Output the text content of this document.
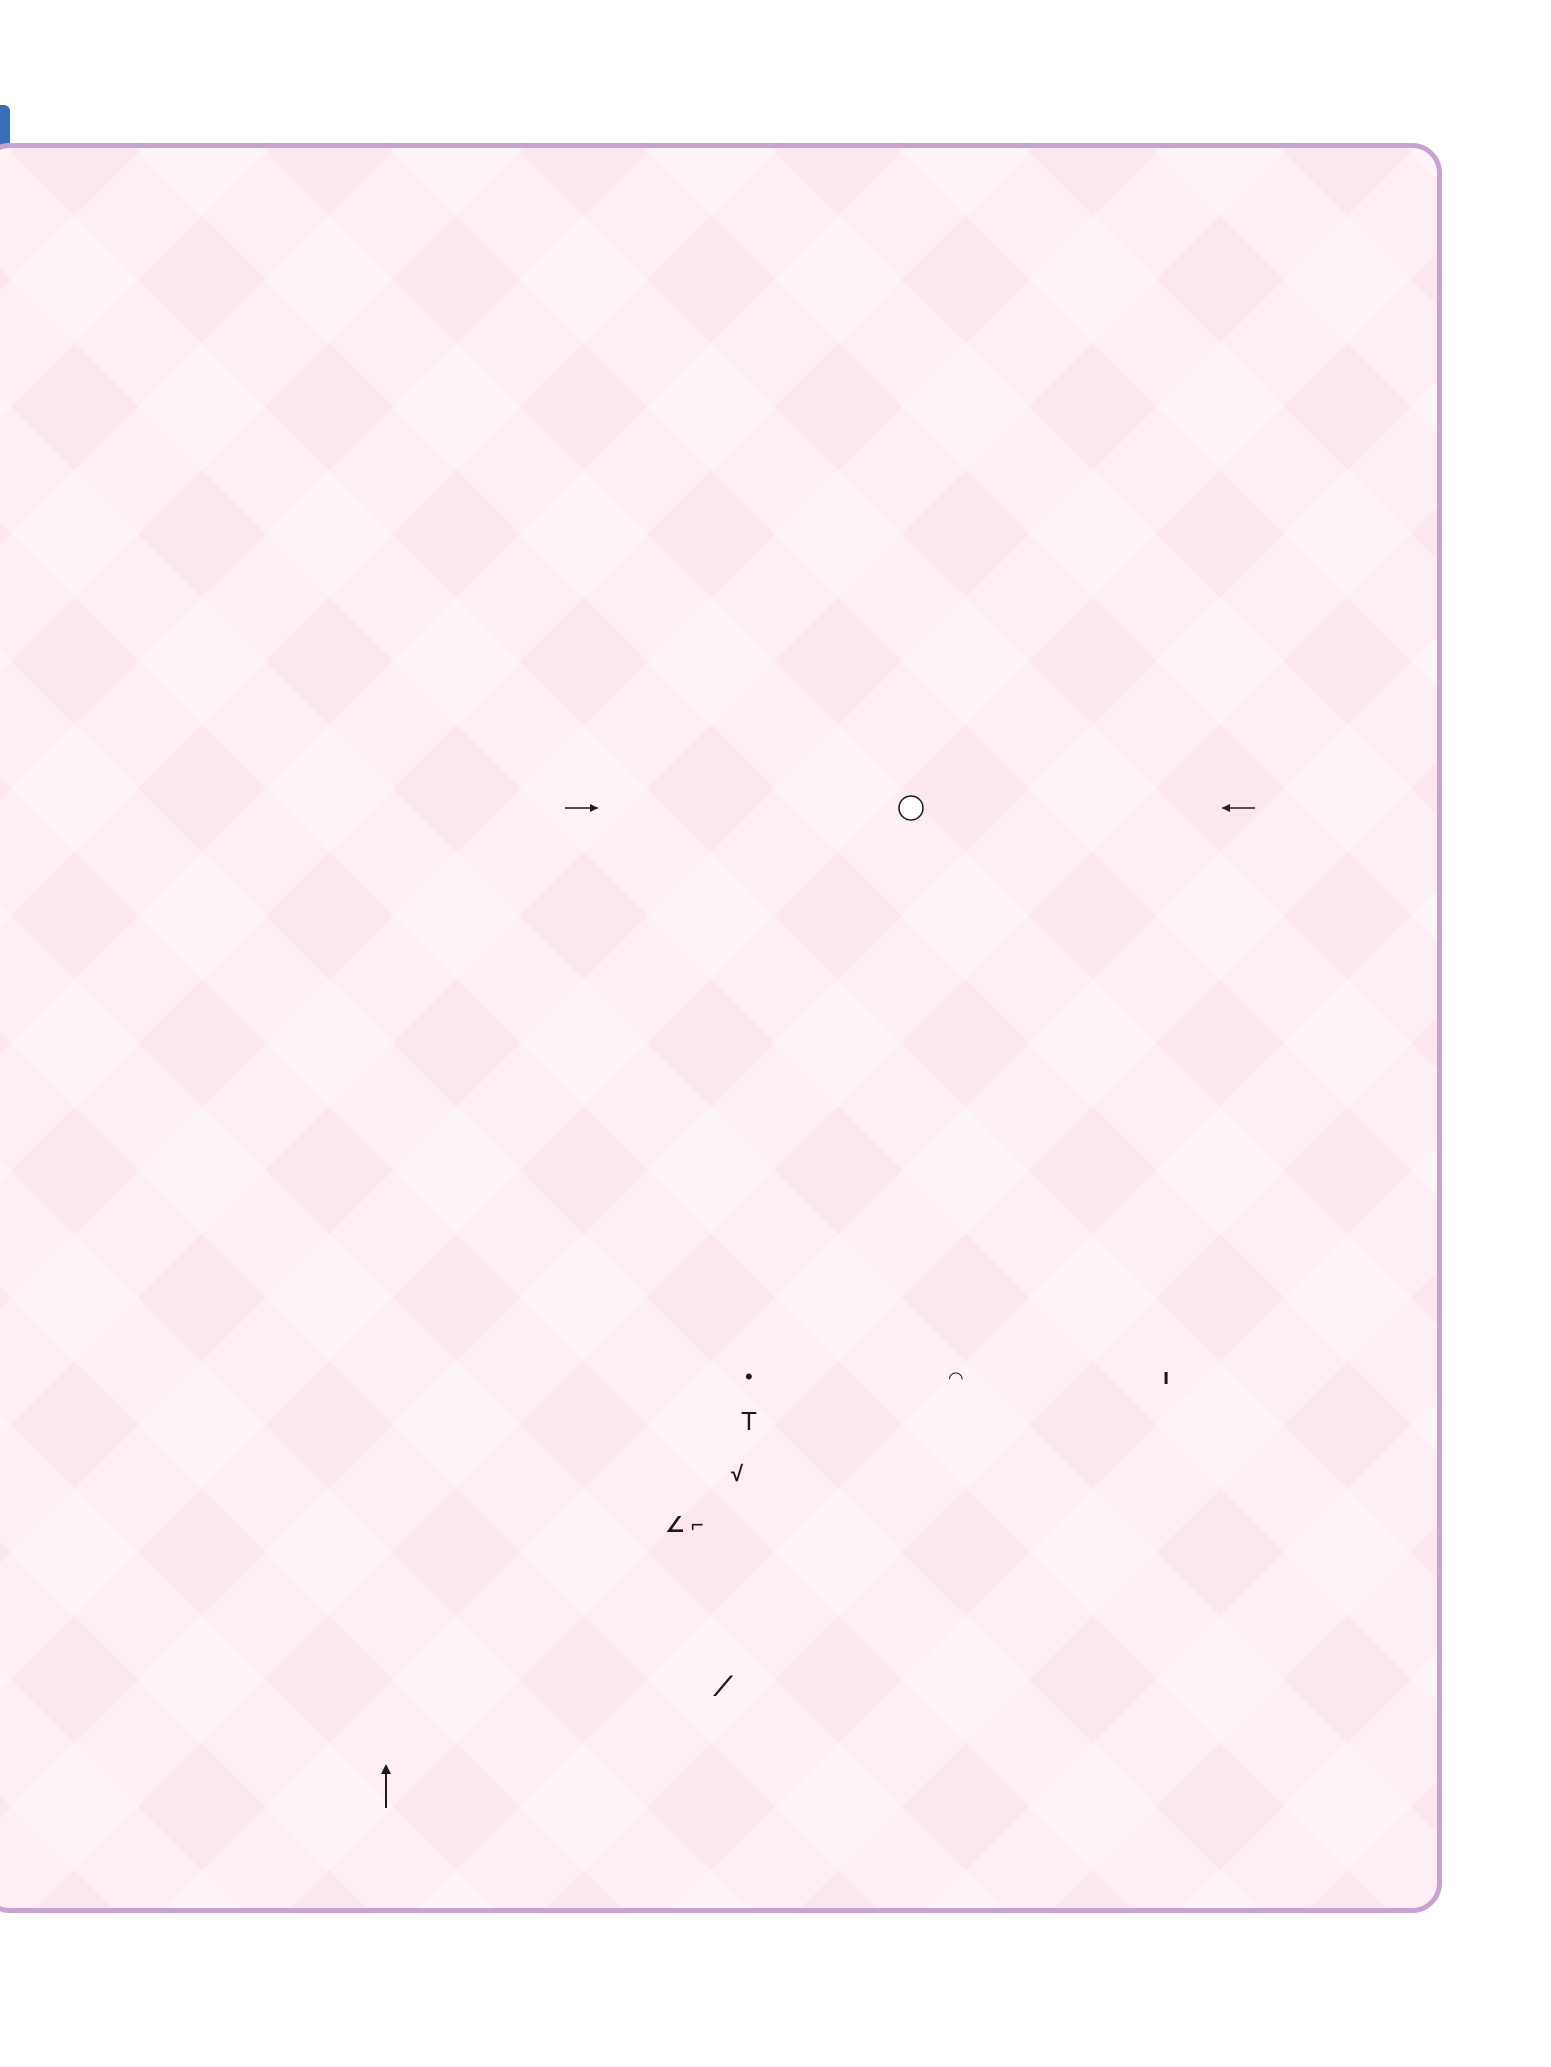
•	◠	ı
T
√
∠ ⌐
⟋
